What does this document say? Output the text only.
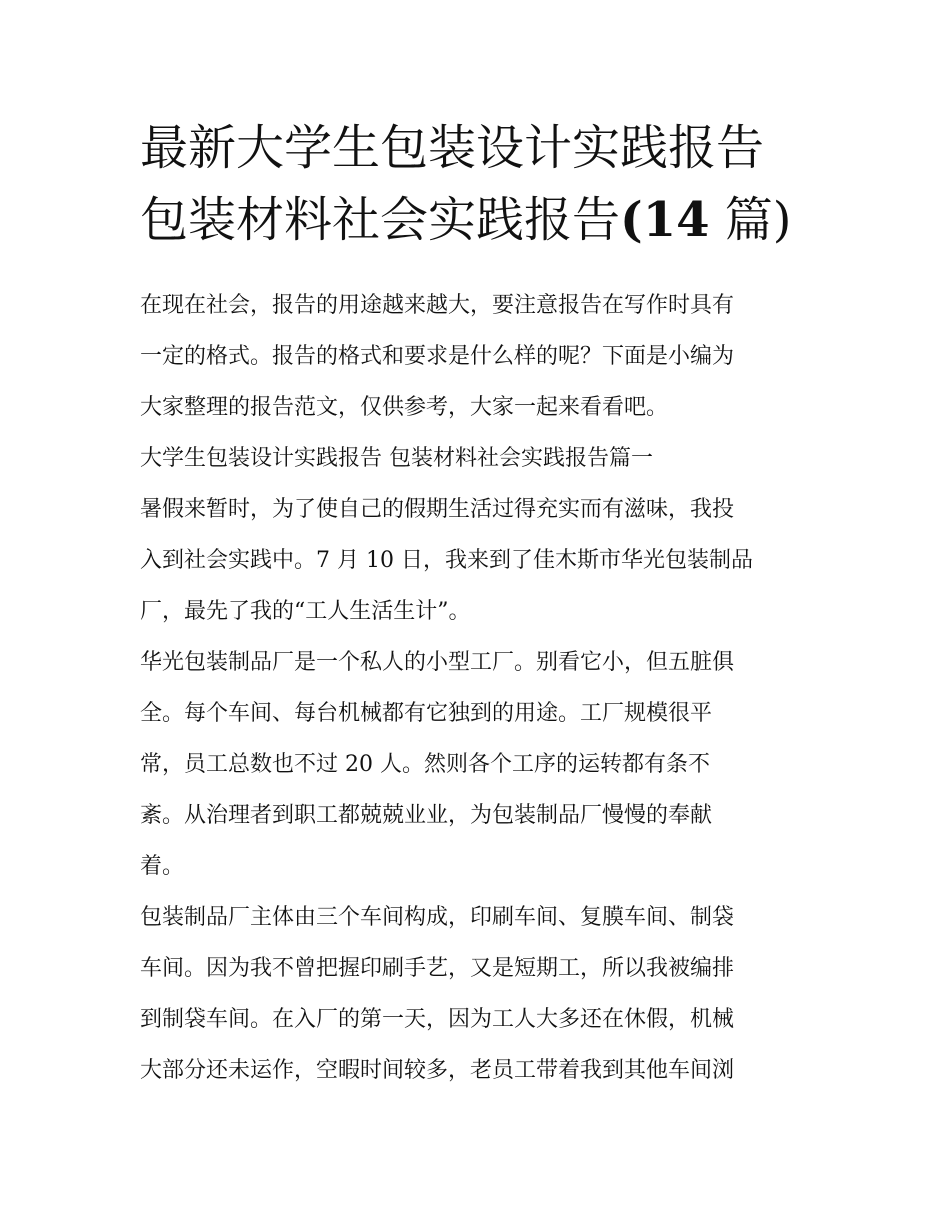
最新大学生包装设计实践报告
包装材料社会实践报告(14 篇)
在现在社会，报告的用途越来越大，要注意报告在写作时具有
一定的格式。报告的格式和要求是什么样的呢？下面是小编为
大家整理的报告范文，仅供参考，大家一起来看看吧。
大学生包装设计实践报告 包装材料社会实践报告篇一
暑假来暂时，为了使自己的假期生活过得充实而有滋味，我投
入到社会实践中。7 月 10 日，我来到了佳木斯市华光包装制品
厂，最先了我的“工人生活生计”。
华光包装制品厂是一个私人的小型工厂。别看它小，但五脏俱
全。每个车间、每台机械都有它独到的用途。工厂规模很平
常，员工总数也不过 20 人。然则各个工序的运转都有条不
紊。从治理者到职工都兢兢业业，为包装制品厂慢慢的奉献
着。
包装制品厂主体由三个车间构成，印刷车间、复膜车间、制袋
车间。因为我不曾把握印刷手艺，又是短期工，所以我被编排
到制袋车间。在入厂的第一天，因为工人大多还在休假，机械
大部分还未运作，空暇时间较多，老员工带着我到其他车间浏
